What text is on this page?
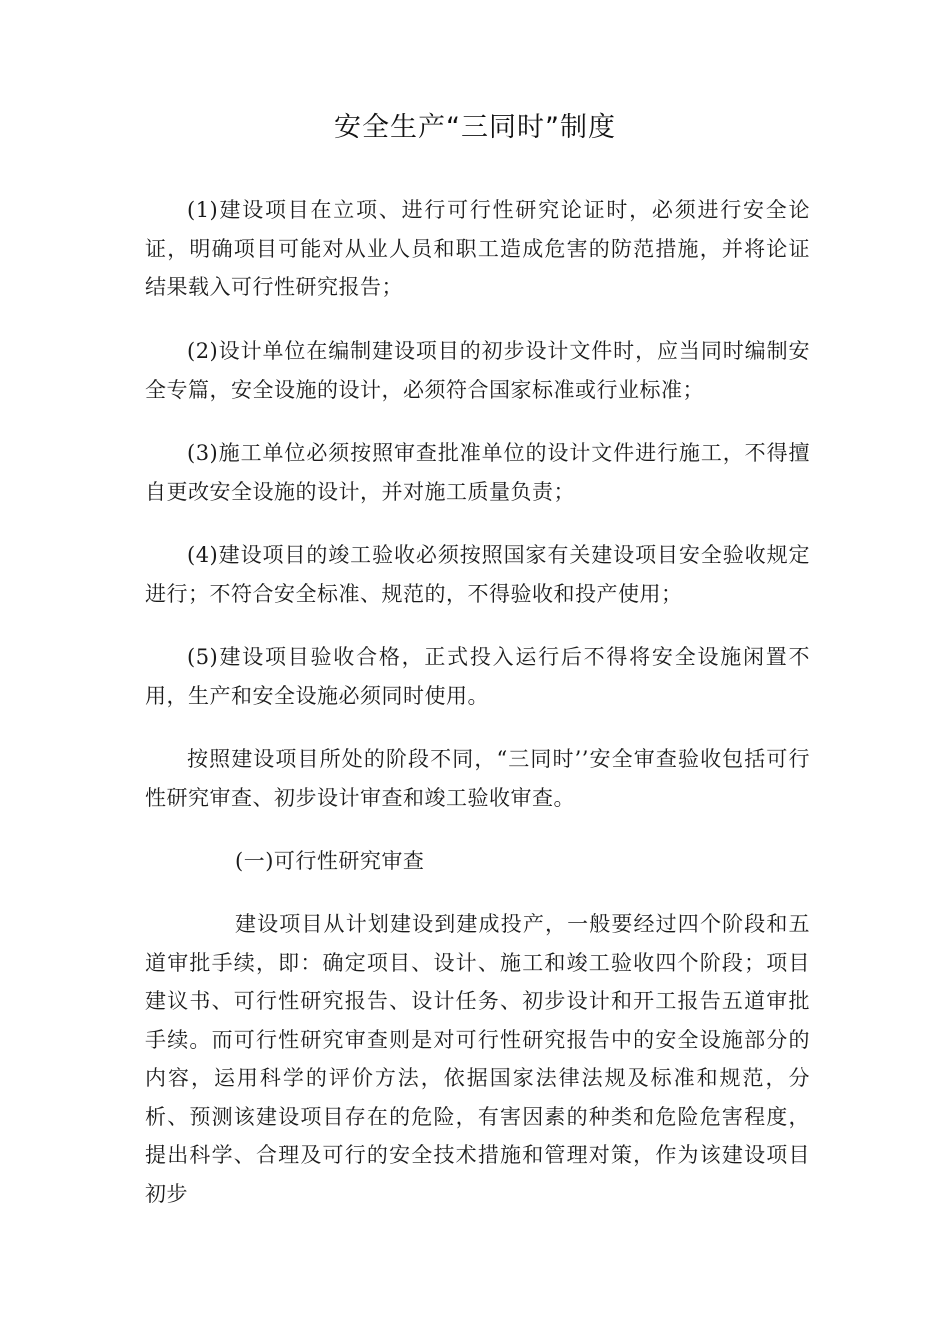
安全生产“三同时”制度
(1)建设项目在立项、进行可行性研究论证时，必须进行安全论证，明确项目可能对从业人员和职工造成危害的防范措施，并将论证结果载入可行性研究报告；
(2)设计单位在编制建设项目的初步设计文件时，应当同时编制安全专篇，安全设施的设计，必须符合国家标准或行业标准；
(3)施工单位必须按照审查批准单位的设计文件进行施工，不得擅自更改安全设施的设计，并对施工质量负责；
(4)建设项目的竣工验收必须按照国家有关建设项目安全验收规定进行；不符合安全标准、规范的，不得验收和投产使用；
(5)建设项目验收合格，正式投入运行后不得将安全设施闲置不用，生产和安全设施必须同时使用。
按照建设项目所处的阶段不同，“三同时’’安全审查验收包括可行性研究审查、初步设计审查和竣工验收审查。
(一)可行性研究审查
建设项目从计划建设到建成投产，一般要经过四个阶段和五道审批手续，即：确定项目、设计、施工和竣工验收四个阶段；项目建议书、可行性研究报告、设计任务、初步设计和开工报告五道审批手续。而可行性研究审查则是对可行性研究报告中的安全设施部分的内容，运用科学的评价方法，依据国家法律法规及标准和规范，分析、预测该建设项目存在的危险，有害因素的种类和危险危害程度，提出科学、合理及可行的安全技术措施和管理对策，作为该建设项目初步
